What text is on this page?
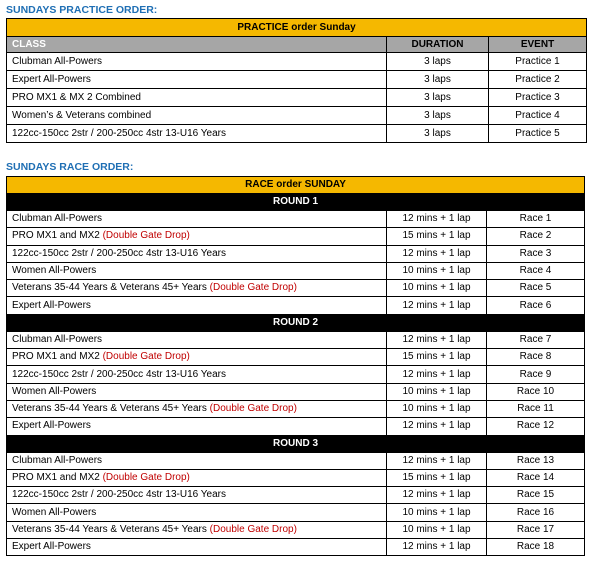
SUNDAYS PRACTICE ORDER:
PRACTICE order Sunday		
CLASS	DURATION	EVENT
Clubman All-Powers	3 laps	Practice 1
Expert All-Powers	3 laps	Practice 2
PRO MX1 & MX 2 Combined	3 laps	Practice 3
Women’s & Veterans combined	3 laps	Practice 4
122cc-150cc 2str / 200-250cc 4str 13-U16 Years	3 laps	Practice 5
SUNDAYS RACE ORDER:
RACE order SUNDAY		
ROUND 1		
Clubman All-Powers	12 mins + 1 lap	Race 1
PRO MX1 and MX2 (Double Gate Drop)	15 mins + 1 lap	Race 2
122cc-150cc 2str / 200-250cc 4str 13-U16 Years	12 mins + 1 lap	Race 3
Women All-Powers	10 mins + 1 lap	Race 4
Veterans 35-44 Years & Veterans 45+ Years (Double Gate Drop)	10 mins + 1 lap	Race 5
Expert All-Powers	12 mins + 1 lap	Race 6
ROUND 2		
Clubman All-Powers	12 mins + 1 lap	Race 7
PRO MX1 and MX2 (Double Gate Drop)	15 mins + 1 lap	Race 8
122cc-150cc 2str / 200-250cc 4str 13-U16 Years	12 mins + 1 lap	Race 9
Women All-Powers	10 mins + 1 lap	Race 10
Veterans 35-44 Years & Veterans 45+ Years (Double Gate Drop)	10 mins + 1 lap	Race 11
Expert All-Powers	12 mins + 1 lap	Race 12
ROUND 3		
Clubman All-Powers	12 mins + 1 lap	Race 13
PRO MX1 and MX2 (Double Gate Drop)	15 mins + 1 lap	Race 14
122cc-150cc 2str / 200-250cc 4str 13-U16 Years	12 mins + 1 lap	Race 15
Women All-Powers	10 mins + 1 lap	Race 16
Veterans 35-44 Years & Veterans 45+ Years (Double Gate Drop)	10 mins + 1 lap	Race 17
Expert All-Powers	12 mins + 1 lap	Race 18
